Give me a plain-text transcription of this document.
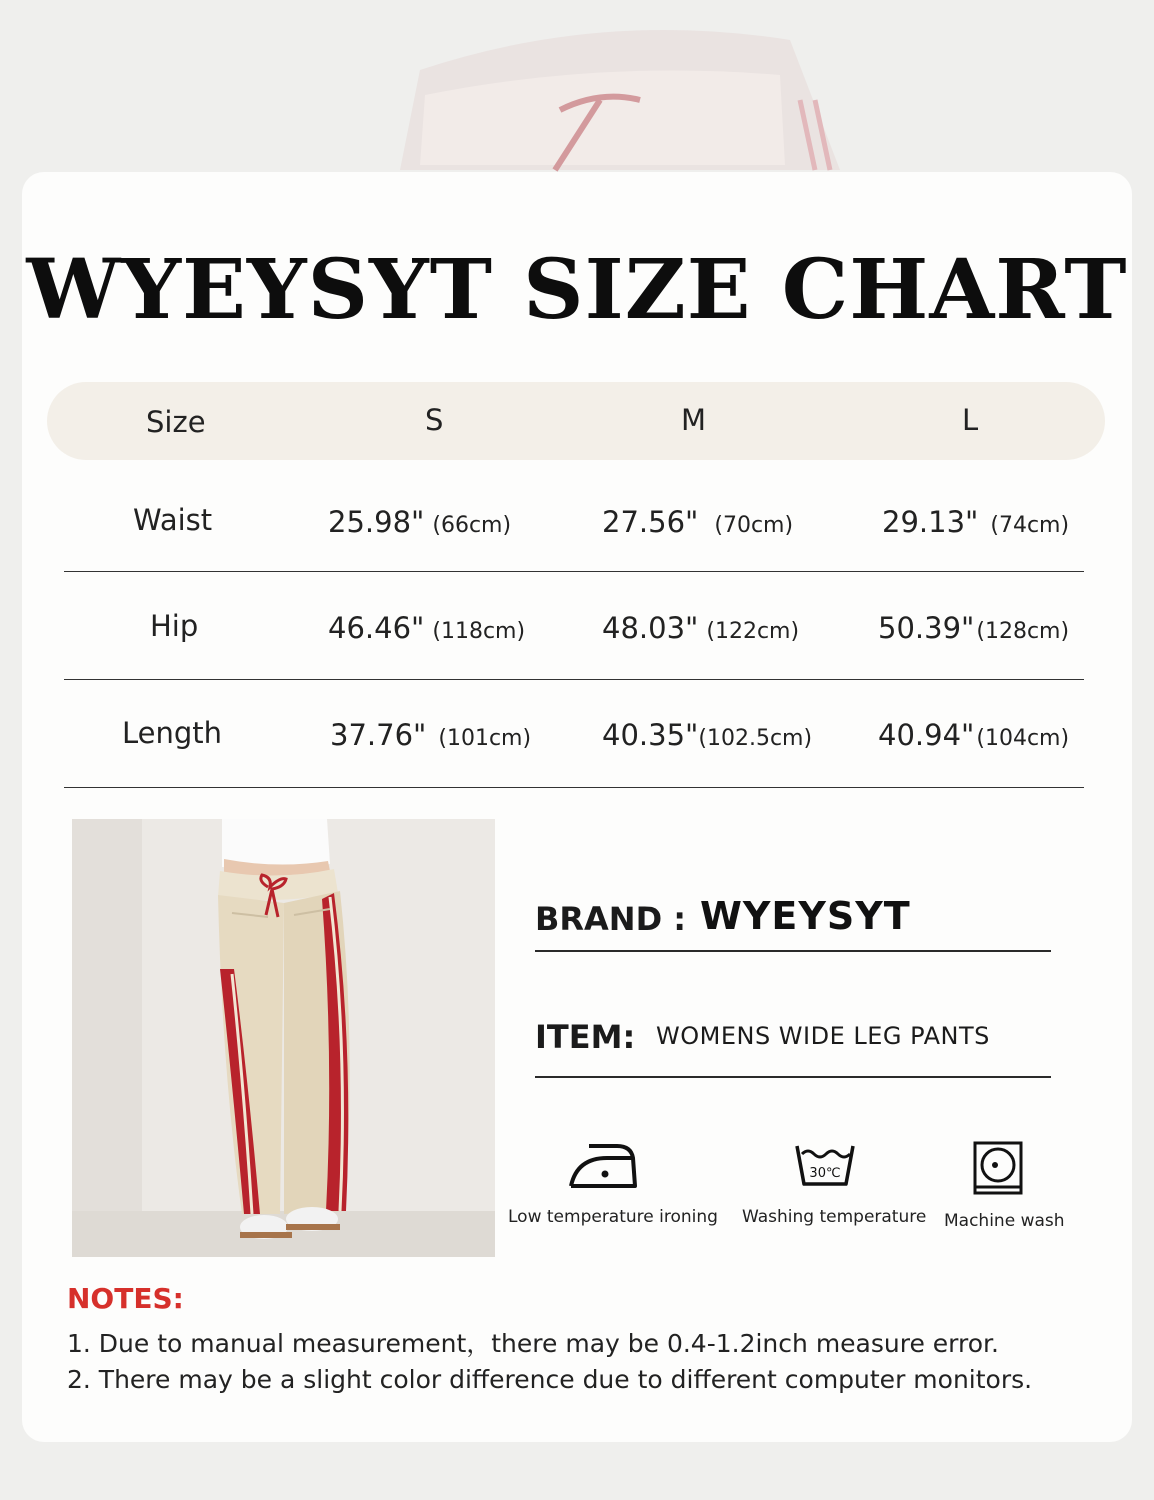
WYEYSYT SIZE CHART
Size	S	M	L
Waist	25.98" (66cm)	27.56" (70cm)	29.13" (74cm)
Hip	46.46" (118cm)	48.03" (122cm)	50.39"(128cm)
Length	37.76" (101cm) 40.35"(102.5cm) 40.94"(104cm)
BRAND : WYEYSYT
ITEM: WOMENS WIDE LEG PANTS
Low temperature ironing
30℃
Washing temperature Machine wash
NOTES:
1. Due to manual measurement，there may be 0.4-1.2inch measure error.
2. There may be a slight color difference due to different computer monitors.
